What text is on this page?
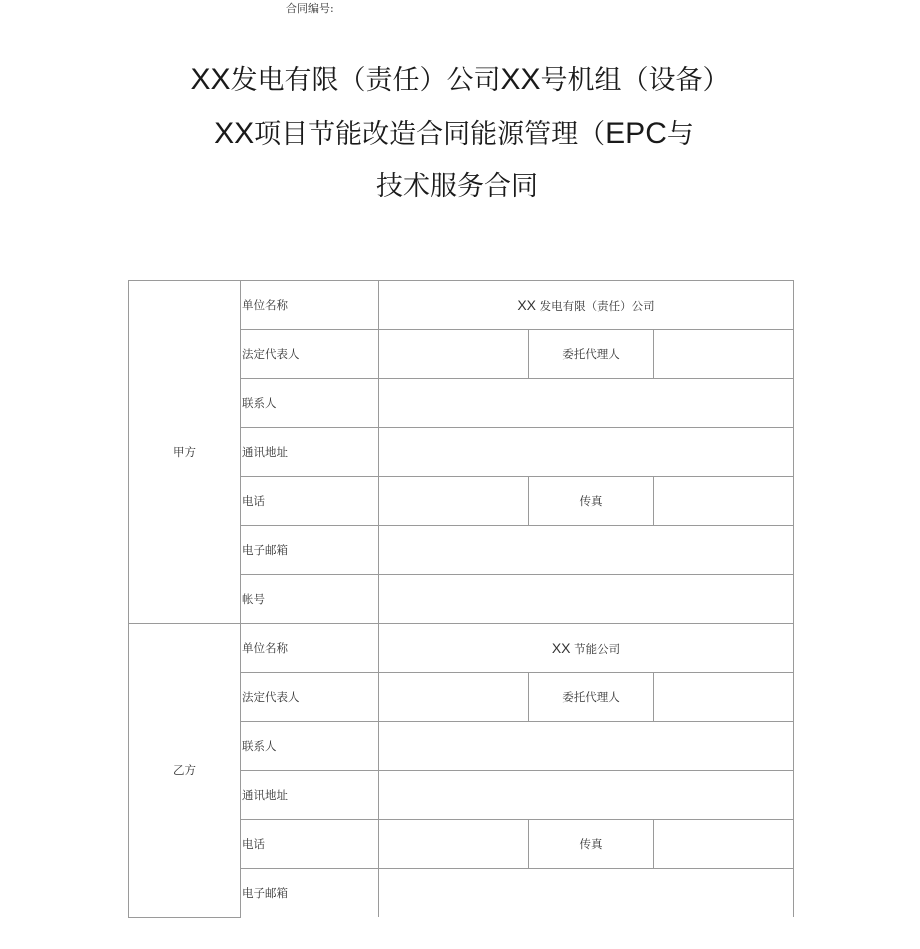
合同编号:
XX发电有限（责任）公司XX号机组（设备）
XX项目节能改造合同能源管理（EPC与
技术服务合同
甲方	单位名称	XX 发电有限（责任）公司		
	法定代表人		委托代理人	
	联系人			
	通讯地址			
	电话		传真	
	电子邮箱			
	帐号			
乙方	单位名称	XX 节能公司		
	法定代表人		委托代理人	
	联系人			
	通讯地址			
	电话		传真	
	电子邮箱			
